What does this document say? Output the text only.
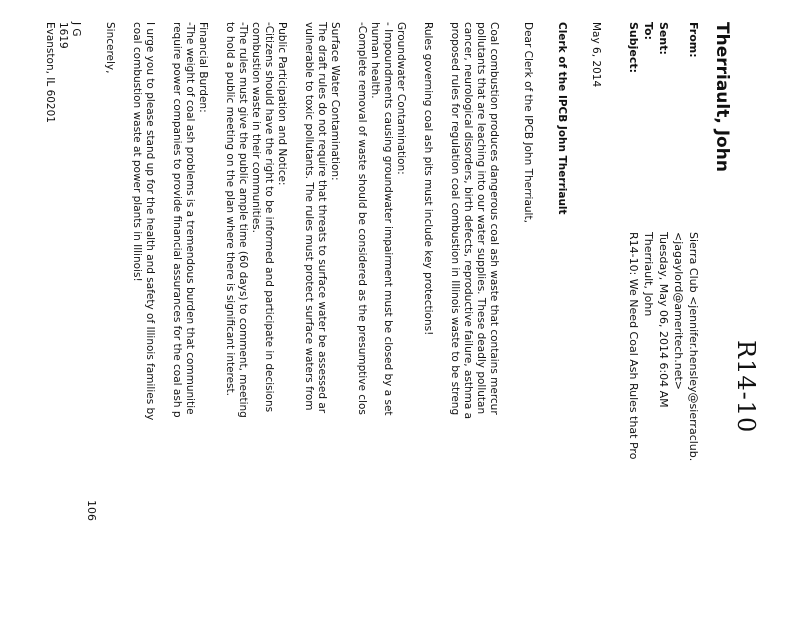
R14-10
Therriault, John
From:
Sierra Club <jennifer.hensley@sierraclub.
<jagaylord@ameritech.net>
Sent:
Tuesday, May 06, 2014 6:04 AM
To:
Therriault, John
Subject:
R14-10: We Need Coal Ash Rules that Pro
May 6, 2014
Clerk of the IPCB John Therriault
Dear Clerk of the IPCB John Therriault,
Coal combustion produces dangerous coal ash waste that contains mercur
pollutants that are leaching into our water supplies. These deadly pollutan
cancer, neurological disorders, birth defects, reproductive failure, asthma a
proposed rules for regulation coal combustion in Illinois waste to be streng
Rules governing coal ash pits must include key protections!
Groundwater Contamination:
- Impoundments causing groundwater impairment must be closed by a set
human health.
-Complete removal of waste should be considered as the presumptive clos
Surface Water Contamination:
The draft rules do not require that threats to surface water be assessed ar
vulnerable to toxic pollutants. The rules must protect surface waters from
Public Participation and Notice:
-Citizens should have the right to be informed and participate in decisions
combustion waste in their communities.
-The rules must give the public ample time (60 days) to comment, meeting
to hold a public meeting on the plan where there is significant interest.
Financial Burden:
-The weight of coal ash problems is a tremendous burden that communitie
require power companies to provide financial assurances for the coal ash p
I urge you to please stand up for the health and safety of Illinois families by
coal combustion waste at power plants in Illinois!
Sincerely,
J G
1619
Evanston, IL 60201
106
